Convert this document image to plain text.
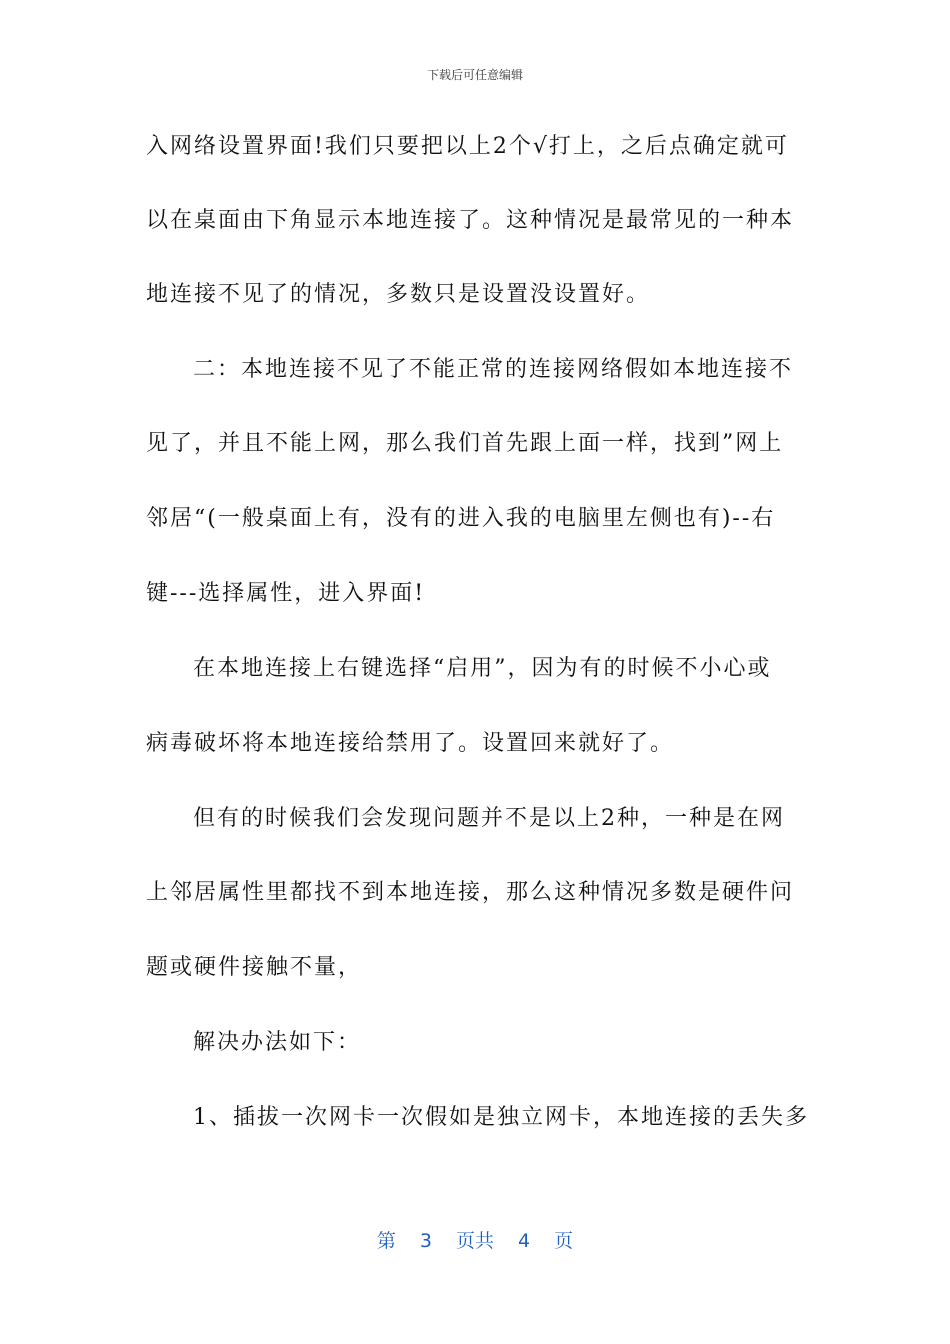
下载后可任意编辑
入网络设置界面!我们只要把以上2个√打上，之后点确定就可
以在桌面由下角显示本地连接了。这种情况是最常见的一种本
地连接不见了的情况，多数只是设置没设置好。
二：本地连接不见了不能正常的连接网络假如本地连接不
见了，并且不能上网，那么我们首先跟上面一样，找到”网上
邻居“(一般桌面上有，没有的进入我的电脑里左侧也有)--右
键---选择属性，进入界面!
在本地连接上右键选择“启用”，因为有的时候不小心或
病毒破坏将本地连接给禁用了。设置回来就好了。
但有的时候我们会发现问题并不是以上2种，一种是在网
上邻居属性里都找不到本地连接，那么这种情况多数是硬件问
题或硬件接触不量，
解决办法如下：
1、插拔一次网卡一次假如是独立网卡，本地连接的丢失多
第 3 页共 4 页
